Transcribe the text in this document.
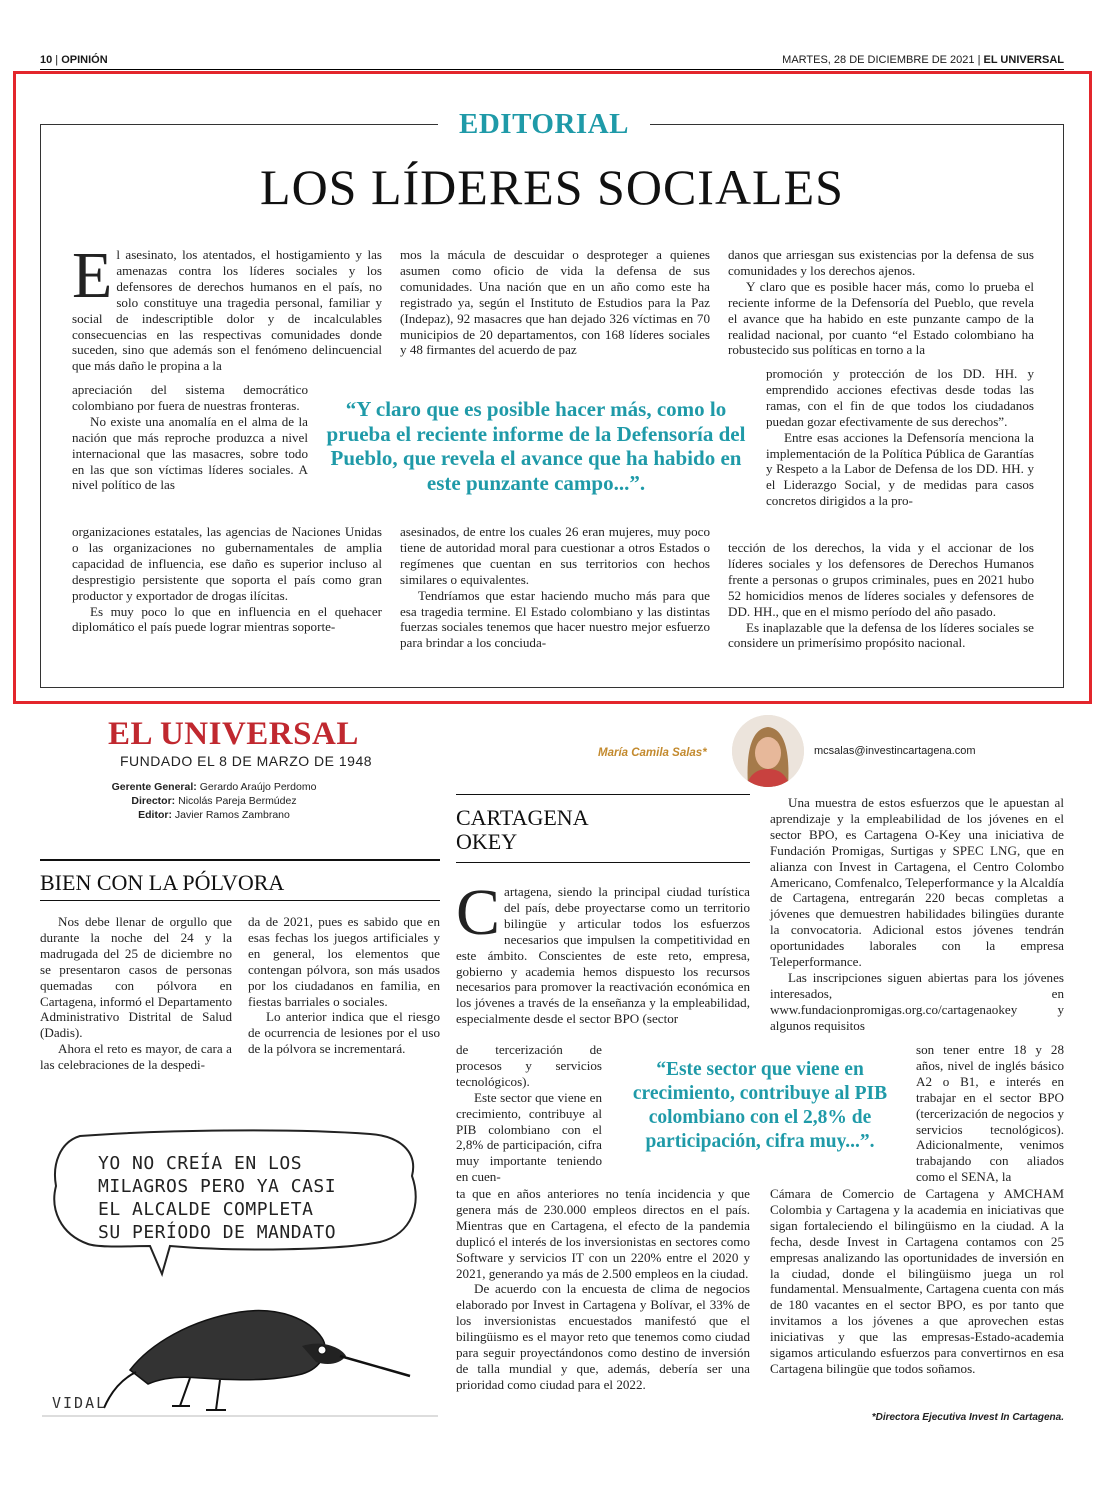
10 | OPINIÓN	MARTES, 28 DE DICIEMBRE DE 2021 | EL UNIVERSAL
EDITORIAL
LOS LÍDERES SOCIALES
E l asesinato, los atentados, el hostigamiento y las amenazas contra los líderes sociales y los defensores de derechos humanos en el país, no solo constituye una tragedia personal, familiar y social de indescriptible dolor y de incalculables consecuencias en las respectivas comunidades donde suceden, sino que además son el fenómeno delincuencial que más daño le propina a la

apreciación del sistema democrático colombiano por fuera de nuestras fronteras.

No existe una anomalía en el alma de la nación que más reproche produzca a nivel internacional que las masacres, sobre todo en las que son víctimas líderes sociales. A nivel político de las

organizaciones estatales, las agencias de Naciones Unidas o las organizaciones no gubernamentales de amplia capacidad de influencia, ese daño es superior incluso al desprestigio persistente que soporta el país como gran productor y exportador de drogas ilícitas.

Es muy poco lo que en influencia en el quehacer diplomático el país puede lograr mientras soporte-

mos la mácula de descuidar o desproteger a quienes asumen como oficio de vida la defensa de sus comunidades. Una nación que en un año como este ha registrado ya, según el Instituto de Estudios para la Paz (Indepaz), 92 masacres que han dejado 326 víctimas en 70 municipios de 20 departamentos, con 168 líderes sociales y 48 firmantes del acuerdo de paz

asesinados, de entre los cuales 26 eran mujeres, muy poco tiene de autoridad moral para cuestionar a otros Estados o regímenes que cuentan en sus territorios con hechos similares o equivalentes.

Tendríamos que estar haciendo mucho más para que esa tragedia termine. El Estado colombiano y las distintas fuerzas sociales tenemos que hacer nuestro mejor esfuerzo para brindar a los conciuda-

danos que arriesgan sus existencias por la defensa de sus comunidades y los derechos ajenos.

Y claro que es posible hacer más, como lo prueba el reciente informe de la Defensoría del Pueblo, que revela el avance que ha habido en este punzante campo de la realidad nacional, por cuanto “el Estado colombiano ha robustecido sus políticas en torno a la

promoción y protección de los DD. HH. y emprendido acciones efectivas desde todas las ramas, con el fin de que todos los ciudadanos puedan gozar efectivamente de sus derechos”.

Entre esas acciones la Defensoría menciona la implementación de la Política Pública de Garantías y Respeto a la Labor de Defensa de los DD. HH. y el Liderazgo Social, y de medidas para casos concretos dirigidos a la pro-

tección de los derechos, la vida y el accionar de los líderes sociales y los defensores de Derechos Humanos frente a personas o grupos criminales, pues en 2021 hubo 52 homicidios menos de líderes sociales y defensores de DD. HH., que en el mismo período del año pasado.

Es inaplazable que la defensa de los líderes sociales se considere un primerísimo propósito nacional.

“Y claro que es posible hacer más, como lo prueba el reciente informe de la Defensoría del Pueblo, que revela el avance que ha habido en este punzante campo...”.
EL UNIVERSAL
FUNDADO EL 8 DE MARZO DE 1948
Gerente General: Gerardo Araújo Perdomo
Director: Nicolás Pareja Bermúdez
Editor: Javier Ramos Zambrano
BIEN CON LA PÓLVORA

Nos debe llenar de orgullo que durante la noche del 24 y la madrugada del 25 de diciembre no se presentaron casos de personas quemadas con pólvora en Cartagena, informó el Departamento Administrativo Distrital de Salud (Dadis).

Ahora el reto es mayor, de cara a las celebraciones de la despedi-

da de 2021, pues es sabido que en esas fechas los juegos artificiales y en general, los elementos que contengan pólvora, son más usados por los ciudadanos en familia, en fiestas barriales o sociales.

Lo anterior indica que el riesgo de ocurrencia de lesiones por el uso de la pólvora se incrementará.

YO NO CREÍA EN LOS
MILAGROS PERO YA CASI
EL ALCALDE COMPLETA
SU PERÍODO DE MANDATO
VIDAL
María Camila Salas*	mcsalas@investincartagena.com
CARTAGENA
OKEY
C artagena, siendo la principal ciudad turística del país, debe proyectarse como un territorio bilingüe y articular todos los esfuerzos necesarios que impulsen la competitividad en este ámbito. Conscientes de este reto, empresa, gobierno y academia hemos dispuesto los recursos necesarios para promover la reactivación económica en los jóvenes a través de la enseñanza y la empleabilidad, especialmente desde el sector BPO (sector

de tercerización de procesos y servicios tecnológicos).

Este sector que viene en crecimiento, contribuye al PIB colombiano con el 2,8% de participación, cifra muy importante teniendo en cuen-

ta que en años anteriores no tenía incidencia y que genera más de 230.000 empleos directos en el país. Mientras que en Cartagena, el efecto de la pandemia duplicó el interés de los inversionistas en sectores como Software y servicios IT con un 220% entre el 2020 y 2021, generando ya más de 2.500 empleos en la ciudad.

De acuerdo con la encuesta de clima de negocios elaborado por Invest in Cartagena y Bolívar, el 33% de los inversionistas encuestados manifestó que el bilingüismo es el mayor reto que tenemos como ciudad para seguir proyectándonos como destino de inversión de talla mundial y que, además, debería ser una prioridad como ciudad para el 2022.

Una muestra de estos esfuerzos que le apuestan al aprendizaje y la empleabilidad de los jóvenes en el sector BPO, es Cartagena O-Key una iniciativa de Fundación Promigas, Surtigas y SPEC LNG, que en alianza con Invest in Cartagena, el Centro Colombo Americano, Comfenalco, Teleperformance y la Alcaldía de Cartagena, entregarán 220 becas completas a jóvenes que demuestren habilidades bilingües durante la convocatoria. Adicional estos jóvenes tendrán oportunidades laborales con la empresa Teleperformance.

Las inscripciones siguen abiertas para los jóvenes interesados, en www.fundacionpromigas.org.co/cartagenaokey y algunos requisitos

son tener entre 18 y 28 años, nivel de inglés básico A2 o B1, e interés en trabajar en el sector BPO (tercerización de negocios y servicios tecnológicos). Adicionalmente, venimos trabajando con aliados como el SENA, la

Cámara de Comercio de Cartagena y AMCHAM Colombia y Cartagena y la academia en iniciativas que sigan fortaleciendo el bilingüismo en la ciudad. A la fecha, desde Invest in Cartagena contamos con 25 empresas analizando las oportunidades de inversión en la ciudad, donde el bilingüismo juega un rol fundamental. Mensualmente, Cartagena cuenta con más de 180 vacantes en el sector BPO, es por tanto que invitamos a los jóvenes a que aprovechen estas iniciativas y que las empresas-Estado-academia sigamos articulando esfuerzos para convertirnos en esa Cartagena bilingüe que todos soñamos.

“Este sector que viene en crecimiento, contribuye al PIB colombiano con el 2,8% de participación, cifra muy...”.
*Directora Ejecutiva Invest In Cartagena.
